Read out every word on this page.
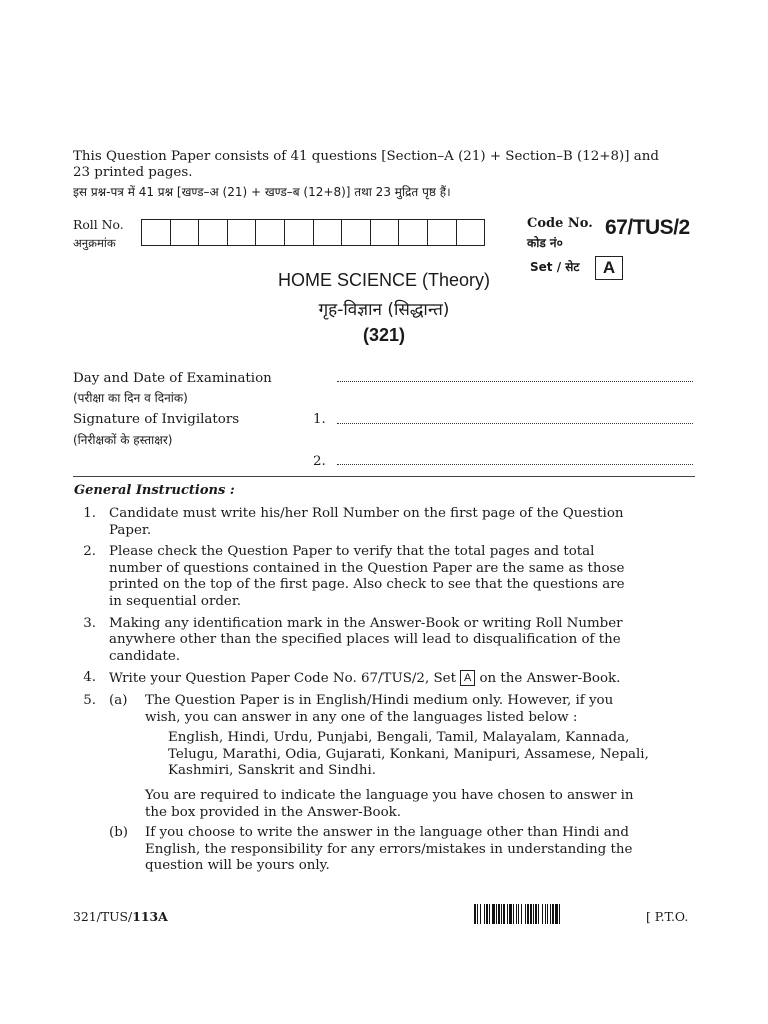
This Question Paper consists of 41 questions [Section–A (21) + Section–B (12+8)] and
23 printed pages.
इस प्रश्न-पत्र में 41 प्रश्न [खण्ड–अ (21) + खण्ड–ब (12+8)] तथा 23 मुद्रित पृष्ठ हैं।
Roll No.
अनुक्रमांक
Code No.
कोड नं०
67/TUS/2
Set / सेट	A
HOME SCIENCE (Theory)
गृह-विज्ञान (सिद्धान्त)
(321)
Day and Date of Examination
(परीक्षा का दिन व दिनांक)
Signature of Invigilators
(निरीक्षकों के हस्ताक्षर)
1.
2.
General Instructions :
1. Candidate must write his/her Roll Number on the first page of the Question
Paper.
2. Please check the Question Paper to verify that the total pages and total
number of questions contained in the Question Paper are the same as those
printed on the top of the first page. Also check to see that the questions are
in sequential order.
3. Making any identification mark in the Answer-Book or writing Roll Number
anywhere other than the specified places will lead to disqualification of the
candidate.
4. Write your Question Paper Code No. 67/TUS/2, Set A on the Answer-Book.
5. (a)	The Question Paper is in English/Hindi medium only. However, if you
wish, you can answer in any one of the languages listed below :
English, Hindi, Urdu, Punjabi, Bengali, Tamil, Malayalam, Kannada,
Telugu, Marathi, Odia, Gujarati, Konkani, Manipuri, Assamese, Nepali,
Kashmiri, Sanskrit and Sindhi.
You are required to indicate the language you have chosen to answer in
the box provided in the Answer-Book.
(b)	If you choose to write the answer in the language other than Hindi and
English, the responsibility for any errors/mistakes in understanding the
question will be yours only.
321/TUS/113A	[ P.T.O.
